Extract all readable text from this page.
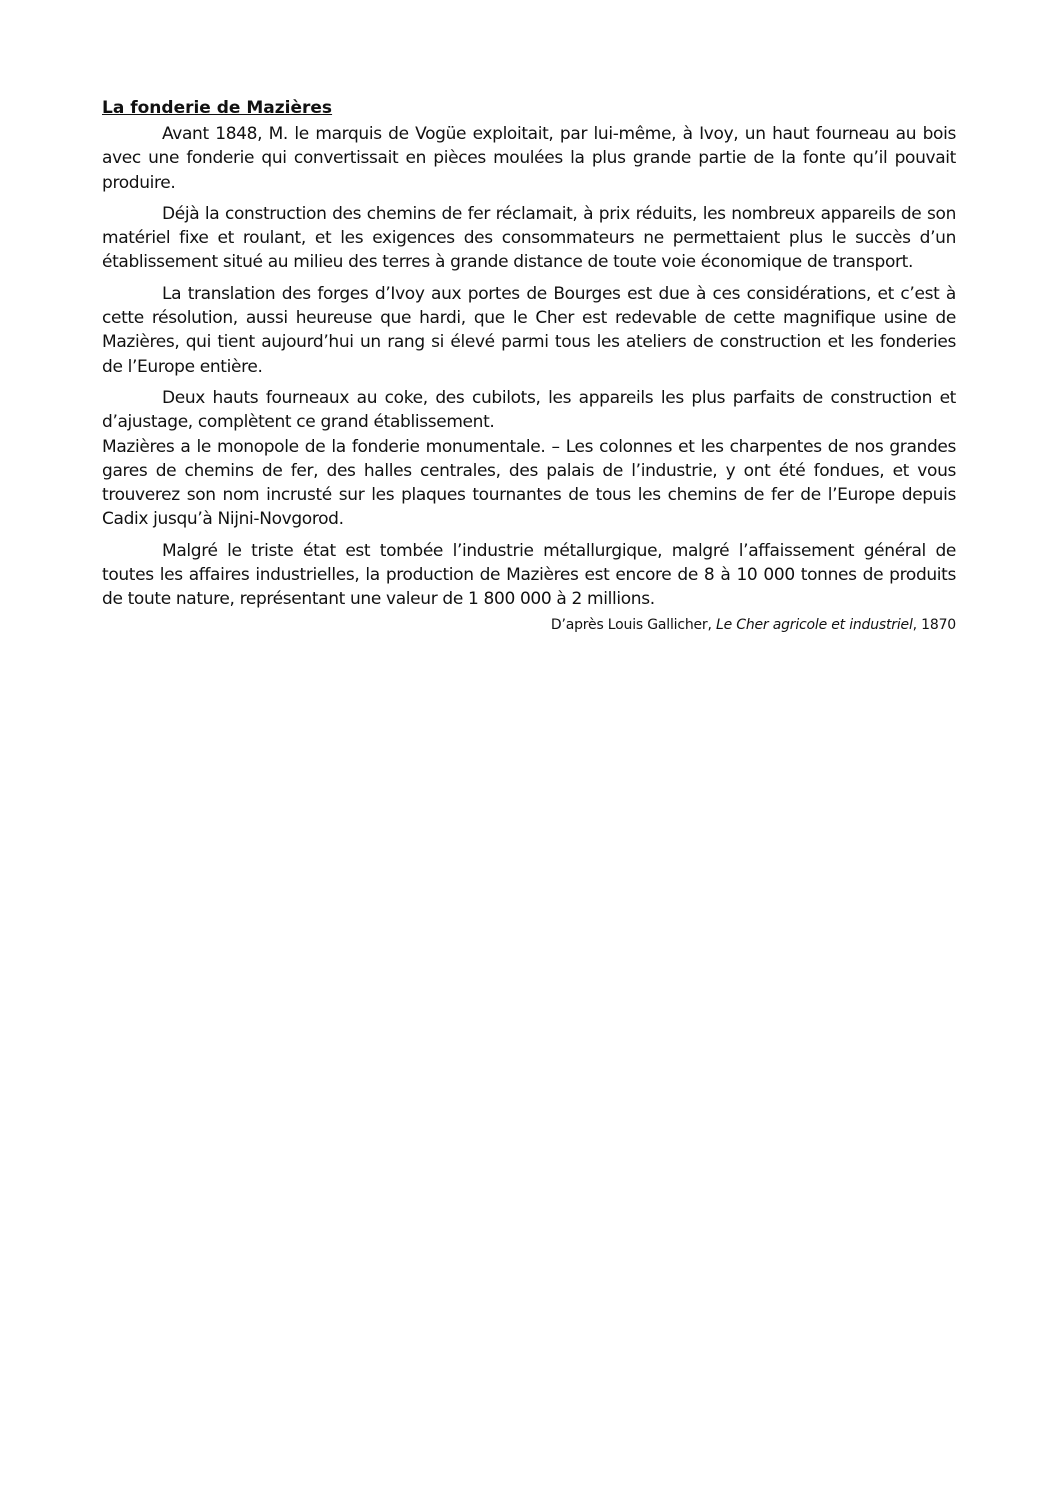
La fonderie de Mazières

Avant 1848, M. le marquis de Vogüe exploitait, par lui-même, à Ivoy, un haut fourneau au bois avec une fonderie qui convertissait en pièces moulées la plus grande partie de la fonte qu’il pouvait produire.

Déjà la construction des chemins de fer réclamait, à prix réduits, les nombreux appareils de son matériel fixe et roulant, et les exigences des consommateurs ne permettaient plus le succès d’un établissement situé au milieu des terres à grande distance de toute voie économique de transport.

La translation des forges d’Ivoy aux portes de Bourges est due à ces considérations, et c’est à cette résolution, aussi heureuse que hardi, que le Cher est redevable de cette magnifique usine de Mazières, qui tient aujourd’hui un rang si élevé parmi tous les ateliers de construction et les fonderies de l’Europe entière.

Deux hauts fourneaux au coke, des cubilots, les appareils les plus parfaits de construction et d’ajustage, complètent ce grand établissement.

Mazières a le monopole de la fonderie monumentale. – Les colonnes et les charpentes de nos grandes gares de chemins de fer, des halles centrales, des palais de l’industrie, y ont été fondues, et vous trouverez son nom incrusté sur les plaques tournantes de tous les chemins de fer de l’Europe depuis Cadix jusqu’à Nijni-Novgorod.

Malgré le triste état est tombée l’industrie métallurgique, malgré l’affaissement général de toutes les affaires industrielles, la production de Mazières est encore de 8 à 10 000 tonnes de produits de toute nature, représentant une valeur de 1 800 000 à 2 millions.

D’après Louis Gallicher, Le Cher agricole et industriel, 1870
